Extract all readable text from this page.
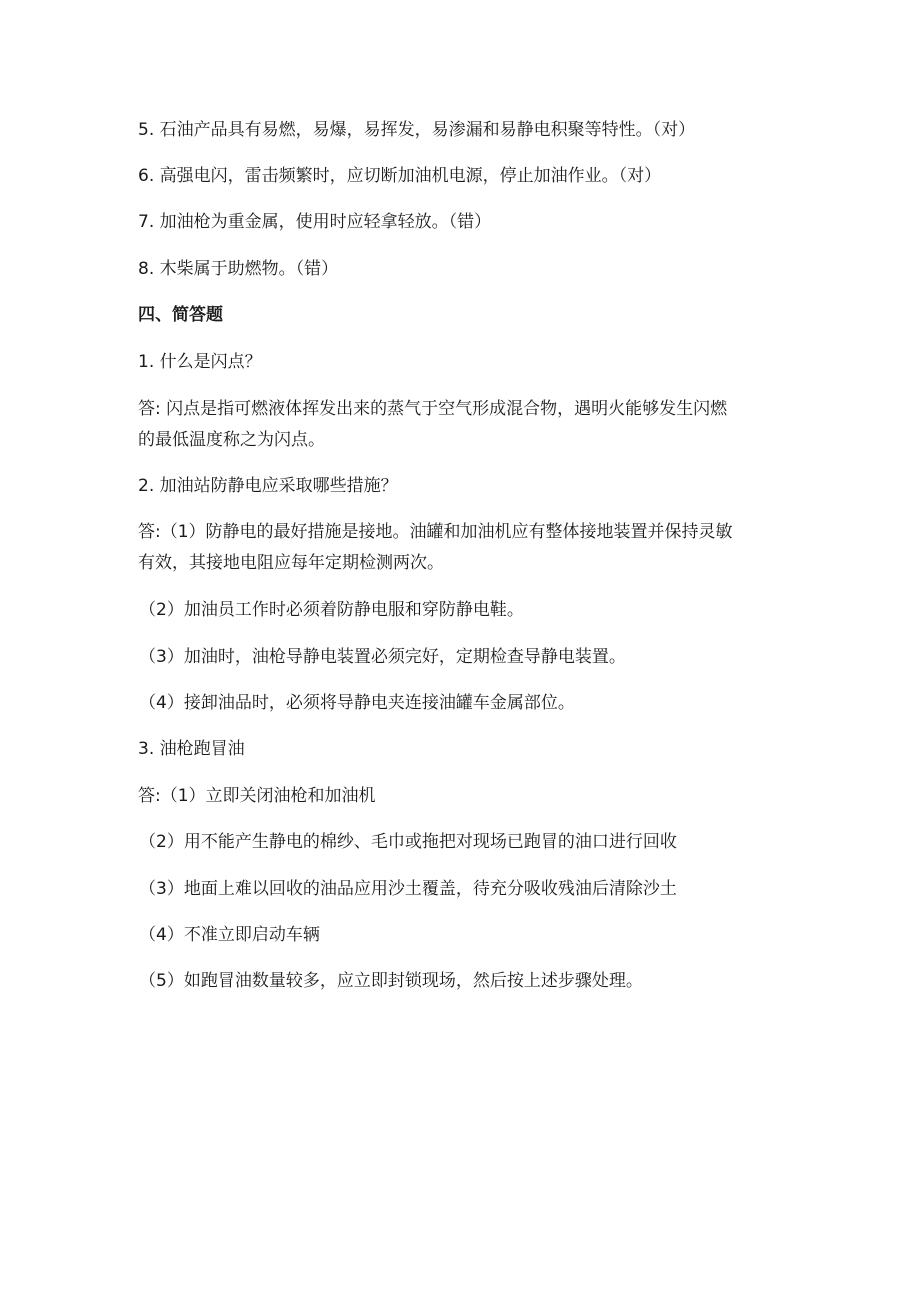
5. 石油产品具有易燃，易爆，易挥发，易渗漏和易静电积聚等特性。（对）
6. 高强电闪，雷击频繁时，应切断加油机电源，停止加油作业。（对）
7. 加油枪为重金属，使用时应轻拿轻放。（错）
8. 木柴属于助燃物。（错）
四、简答题
1. 什么是闪点？
答: 闪点是指可燃液体挥发出来的蒸气于空气形成混合物，遇明火能够发生闪燃
的最低温度称之为闪点。
2. 加油站防静电应采取哪些措施？
答:（1）防静电的最好措施是接地。油罐和加油机应有整体接地装置并保持灵敏
有效，其接地电阻应每年定期检测两次。
（2）加油员工作时必须着防静电服和穿防静电鞋。
（3）加油时，油枪导静电装置必须完好，定期检查导静电装置。
（4）接卸油品时，必须将导静电夹连接油罐车金属部位。
3. 油枪跑冒油
答:（1）立即关闭油枪和加油机
（2）用不能产生静电的棉纱、毛巾或拖把对现场已跑冒的油口进行回收
（3）地面上难以回收的油品应用沙土覆盖，待充分吸收残油后清除沙土
（4）不准立即启动车辆
（5）如跑冒油数量较多，应立即封锁现场，然后按上述步骤处理。
